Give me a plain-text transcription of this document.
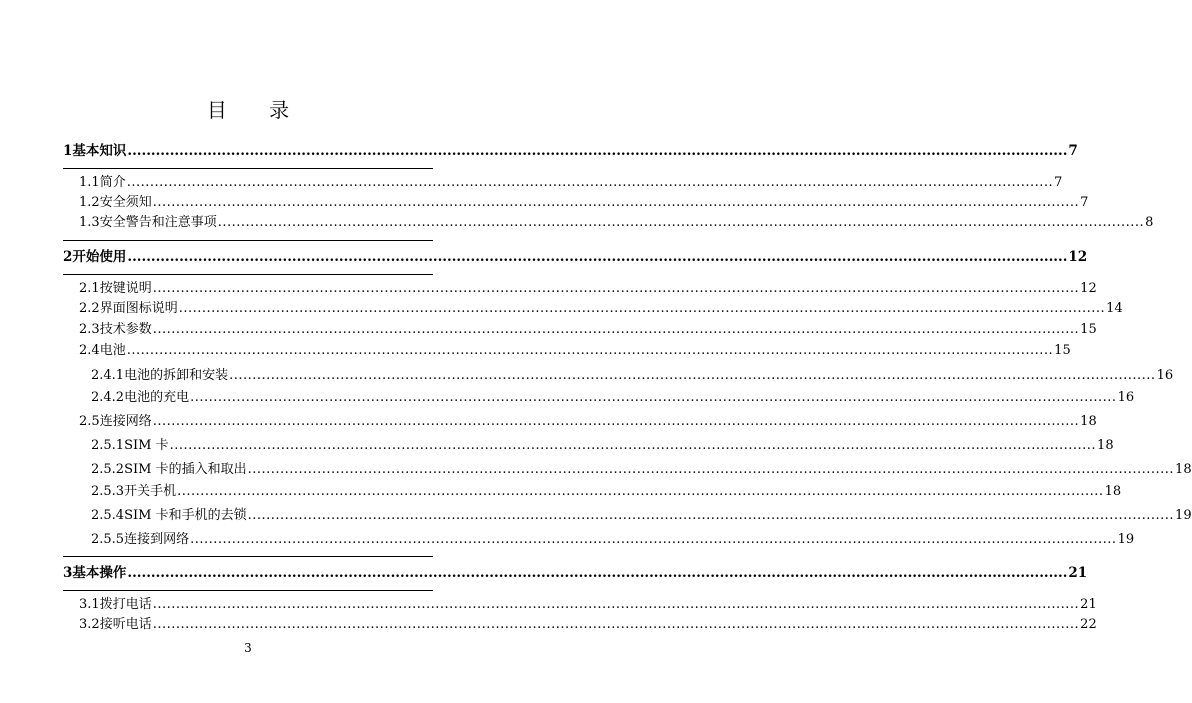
目 录
1 基本知识 ........................................................................................................................................................................................................ 7
1.1 简介 ........................................................................................................................................................................................................ 7
1.2 安全须知 ........................................................................................................................................................................................................ 7
1.3 安全警告和注意事项 ........................................................................................................................................................................................................ 8
2 开始使用 ........................................................................................................................................................................................................ 12
2.1 按键说明 ........................................................................................................................................................................................................ 12
2.2 界面图标说明 ........................................................................................................................................................................................................ 14
2.3 技术参数 ........................................................................................................................................................................................................ 15
2.4 电池 ........................................................................................................................................................................................................ 15
2.4.1 电池的拆卸和安装 ........................................................................................................................................................................................................ 16
2.4.2 电池的充电 ........................................................................................................................................................................................................ 16
2.5 连接网络 ........................................................................................................................................................................................................ 18
2.5.1 SIM 卡 ........................................................................................................................................................................................................ 18
2.5.2 SIM 卡的插入和取出 ........................................................................................................................................................................................................ 18
2.5.3 开关手机 ........................................................................................................................................................................................................ 18
2.5.4 SIM 卡和手机的去锁 ........................................................................................................................................................................................................ 19
2.5.5 连接到网络 ........................................................................................................................................................................................................ 19
3 基本操作 ........................................................................................................................................................................................................ 21
3.1 拨打电话 ........................................................................................................................................................................................................ 21
3.2 接听电话 ........................................................................................................................................................................................................ 22
3
